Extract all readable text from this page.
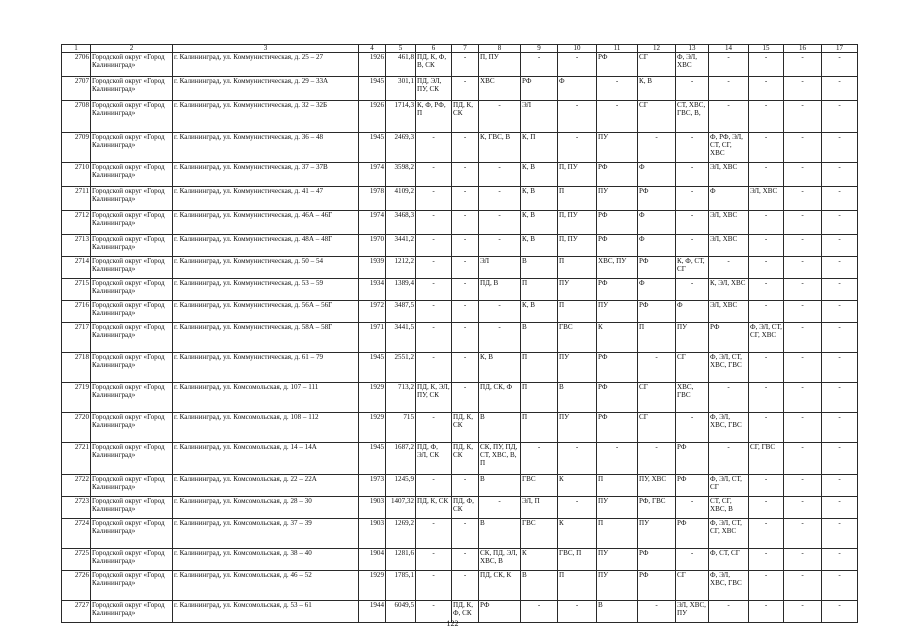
1	2	3	4	5	6	7	8	9	10	11	12	13	14	15	16	17
2706	Городской округ «Город Калининград»	г. Калининград, ул. Коммунистическая, д. 25 – 27	1926	461,8	ПД, К, Ф, В, СК	-	П, ПУ	-	-	РФ	СГ	Ф, ЭЛ, ХВС	-	-	-	-
2707	Городской округ «Город Калининград»	г. Калининград, ул. Коммунистическая, д. 29 – 33А	1945	301,1	ПД, ЭЛ, ПУ, СК	-	ХВС	РФ	Ф	-	К, В	-	-	-	-	-
2708	Городской округ «Город Калининград»	г. Калининград, ул. Коммунистическая, д. 32 – 32Б	1926	1714,3	К, Ф, РФ, П	ПД, К, СК	-	ЭЛ	-	-	СГ	СТ, ХВС, ГВС, В,	-	-	-	-
2709	Городской округ «Город Калининград»	г. Калининград, ул. Коммунистическая, д. 36 – 48	1945	2469,3	-	-	К, ГВС, В	К, П	-	ПУ	-	-	Ф, РФ, ЭЛ, СТ, СГ, ХВС	-	-	-
2710	Городской округ «Город Калининград»	г. Калининград, ул. Коммунистическая, д. 37 – 37В	1974	3598,2	-	-	-	К, В	П, ПУ	РФ	Ф	-	ЭЛ, ХВС	-	-	-
2711	Городской округ «Город Калининград»	г. Калининград, ул. Коммунистическая, д. 41 – 47	1978	4109,2	-	-	-	К, В	П	ПУ	РФ	-	Ф	ЭЛ, ХВС	-	-
2712	Городской округ «Город Калининград»	г. Калининград, ул. Коммунистическая, д. 46А – 46Г	1974	3468,3	-	-	-	К, В	П, ПУ	РФ	Ф	-	ЭЛ, ХВС	-	-	-
2713	Городской округ «Город Калининград»	г. Калининград, ул. Коммунистическая, д. 48А – 48Г	1970	3441,2	-	-	-	К, В	П, ПУ	РФ	Ф	-	ЭЛ, ХВС	-	-	-
2714	Городской округ «Город Калининград»	г. Калининград, ул. Коммунистическая, д. 50 – 54	1939	1212,2	-	-	ЭЛ	В	П	ХВС, ПУ	РФ	К, Ф, СТ, СГ	-	-	-	-
2715	Городской округ «Город Калининград»	г. Калининград, ул. Коммунистическая, д. 53 – 59	1934	1389,4	-	-	ПД, В	П	ПУ	РФ	Ф	-	К, ЭЛ, ХВС	-	-	-
2716	Городской округ «Город Калининград»	г. Калининград, ул. Коммунистическая, д. 56А – 56Г	1972	3487,5	-	-	-	К, В	П	ПУ	РФ	Ф	ЭЛ, ХВС	-	-	-
2717	Городской округ «Город Калининград»	г. Калининград, ул. Коммунистическая, д. 58А – 58Г	1971	3441,5	-	-	-	В	ГВС	К	П	ПУ	РФ	Ф, ЭЛ, СТ, СГ, ХВС	-	-
2718	Городской округ «Город Калининград»	г. Калининград, ул. Коммунистическая, д. 61 – 79	1945	2551,2	-	-	К, В	П	ПУ	РФ	-	СГ	Ф, ЭЛ, СТ, ХВС, ГВС	-	-	-
2719	Городской округ «Город Калининград»	г. Калининград, ул. Комсомольская, д. 107 – 111	1929	713,2	ПД, К, ЭЛ, ПУ, СК	-	ПД, СК, Ф	П	В	РФ	СГ	ХВС, ГВС	-	-	-	-
2720	Городской округ «Город Калининград»	г. Калининград, ул. Комсомольская, д. 108 – 112	1929	715	-	ПД, К, СК	В	П	ПУ	РФ	СГ	-	Ф, ЭЛ, ХВС, ГВС	-	-	-
2721	Городской округ «Город Калининград»	г. Калининград, ул. Комсомольская, д. 14 – 14А	1945	1687,2	ПД, Ф, ЭЛ, СК	ПД, К, СК	СК, ПУ, ПД, СТ, ХВС, В, П	-	-	-	-	РФ	-	СГ, ГВС	-	-
2722	Городской округ «Город Калининград»	г. Калининград, ул. Комсомольская, д. 22 – 22А	1973	1245,9	-	-	В	ГВС	К	П	ПУ, ХВС	РФ	Ф, ЭЛ, СТ, СГ	-	-	-
2723	Городской округ «Город Калининград»	г. Калининград, ул. Комсомольская, д. 28 – 30	1903	1407,32	ПД, К, СК	ПД, Ф, СК	-	ЭЛ, П	-	ПУ	РФ, ГВС	-	СТ, СГ, ХВС, В	-	-	-
2724	Городской округ «Город Калининград»	г. Калининград, ул. Комсомольская, д. 37 – 39	1903	1269,2	-	-	В	ГВС	К	П	ПУ	РФ	Ф, ЭЛ, СТ, СГ, ХВС	-	-	-
2725	Городской округ «Город Калининград»	г. Калининград, ул. Комсомольская, д. 38 – 40	1904	1281,6	-	-	СК, ПД, ЭЛ, ХВС, В	К	ГВС, П	ПУ	РФ	-	Ф, СТ, СГ	-	-	-
2726	Городской округ «Город Калининград»	г. Калининград, ул. Комсомольская, д. 46 – 52	1929	1785,1	-	-	ПД, СК, К	В	П	ПУ	РФ	СГ	Ф, ЭЛ, ХВС, ГВС	-	-	-
2727	Городской округ «Город Калининград»	г. Калининград, ул. Комсомольская, д. 53 – 61	1944	6049,5	-	ПД, К, Ф, СК	РФ	-	-	В	-	ЭЛ, ХВС, ПУ	-	-	-	-
122
